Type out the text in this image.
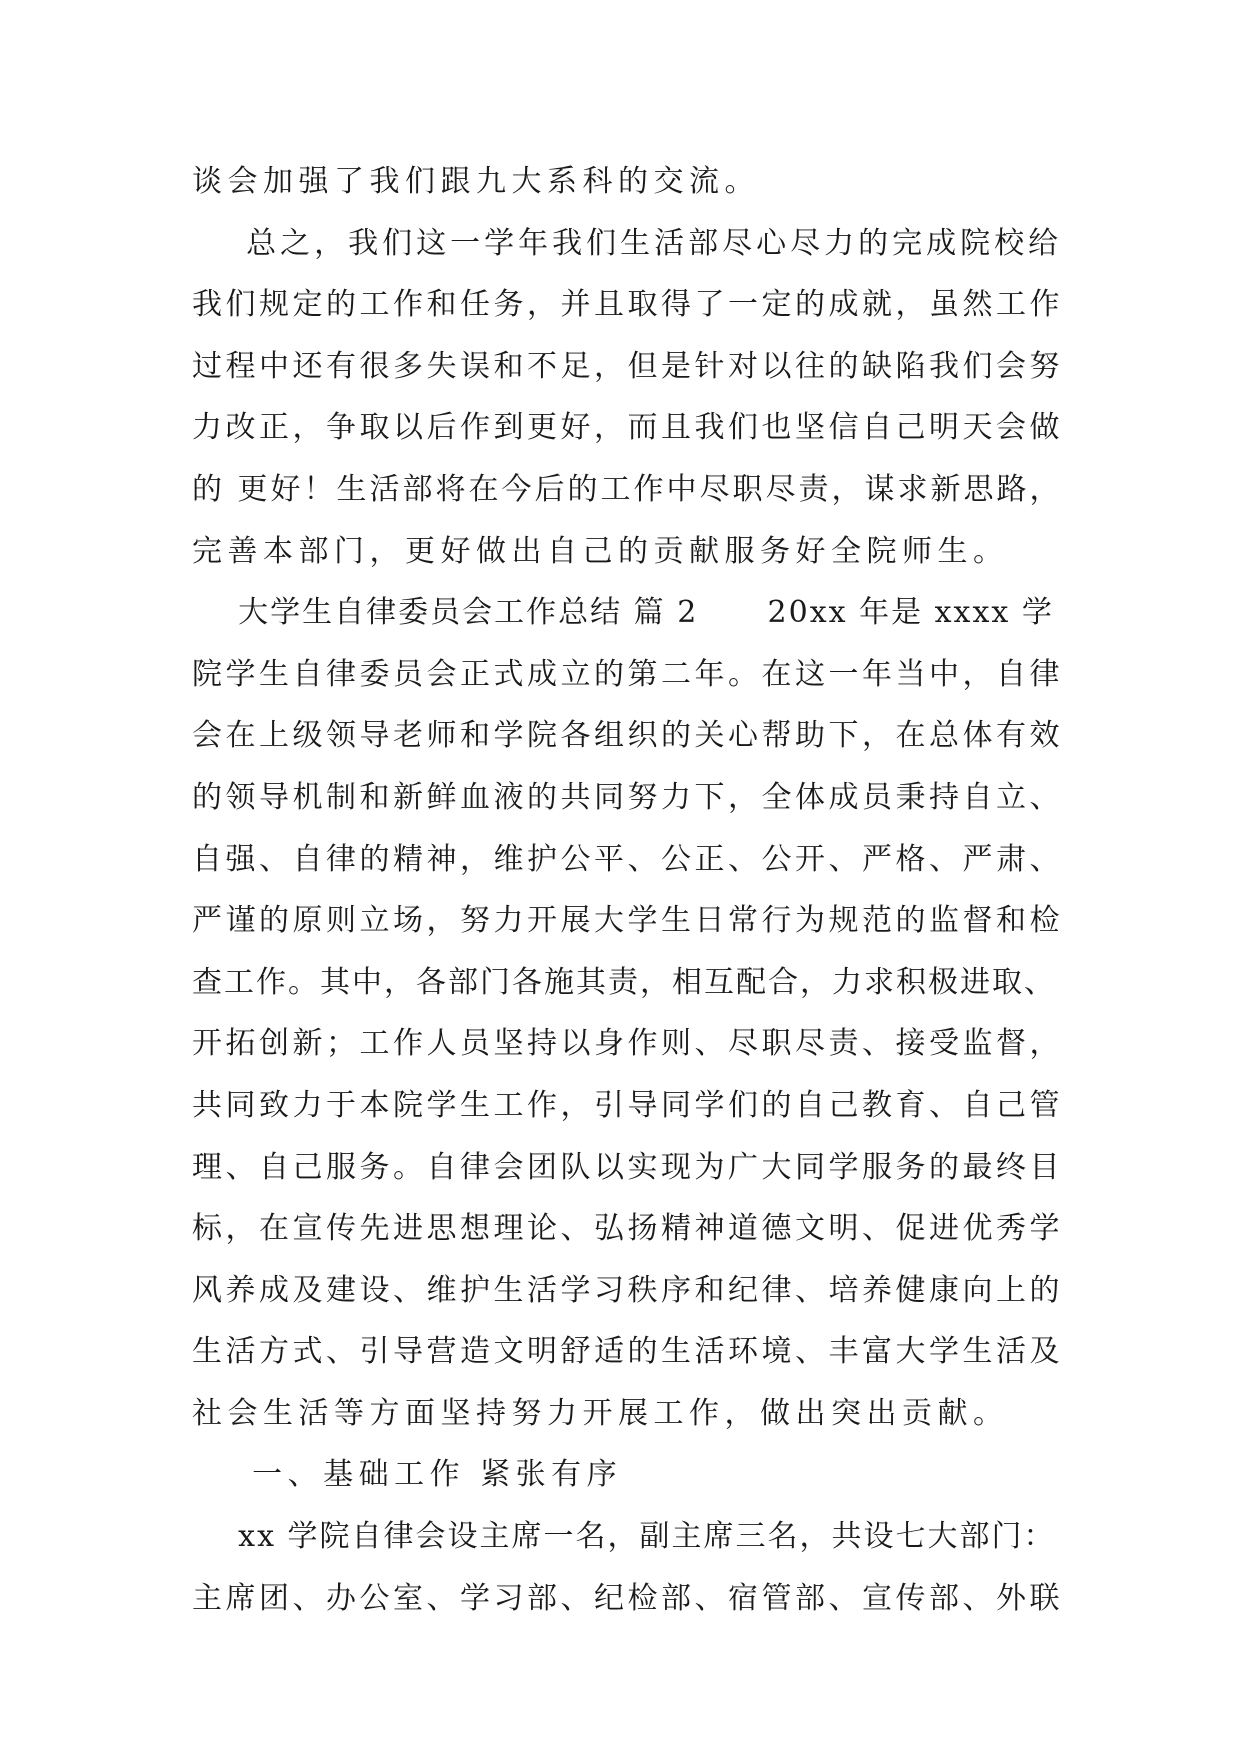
谈会加强了我们跟九大系科的交流。
总之，我们这一学年我们生活部尽心尽力的完成院校给
我们规定的工作和任务，并且取得了一定的成就，虽然工作
过程中还有很多失误和不足，但是针对以往的缺陷我们会努
力改正，争取以后作到更好，而且我们也坚信自己明天会做
的 更好！生活部将在今后的工作中尽职尽责，谋求新思路，
完善本部门，更好做出自己的贡献服务好全院师生。
大学生自律委员会工作总结 篇 2      20xx 年是 xxxx 学
院学生自律委员会正式成立的第二年。在这一年当中，自律
会在上级领导老师和学院各组织的关心帮助下，在总体有效
的领导机制和新鲜血液的共同努力下，全体成员秉持自立、
自强、自律的精神，维护公平、公正、公开、严格、严肃、
严谨的原则立场，努力开展大学生日常行为规范的监督和检
查工作。其中，各部门各施其责，相互配合，力求积极进取、
开拓创新；工作人员坚持以身作则、尽职尽责、接受监督，
共同致力于本院学生工作，引导同学们的自己教育、自己管
理、自己服务。自律会团队以实现为广大同学服务的最终目
标，在宣传先进思想理论、弘扬精神道德文明、促进优秀学
风养成及建设、维护生活学习秩序和纪律、培养健康向上的
生活方式、引导营造文明舒适的生活环境、丰富大学生活及
社会生活等方面坚持努力开展工作，做出突出贡献。
一、基础工作 紧张有序
xx 学院自律会设主席一名，副主席三名，共设七大部门：
主席团、办公室、学习部、纪检部、宿管部、宣传部、外联
